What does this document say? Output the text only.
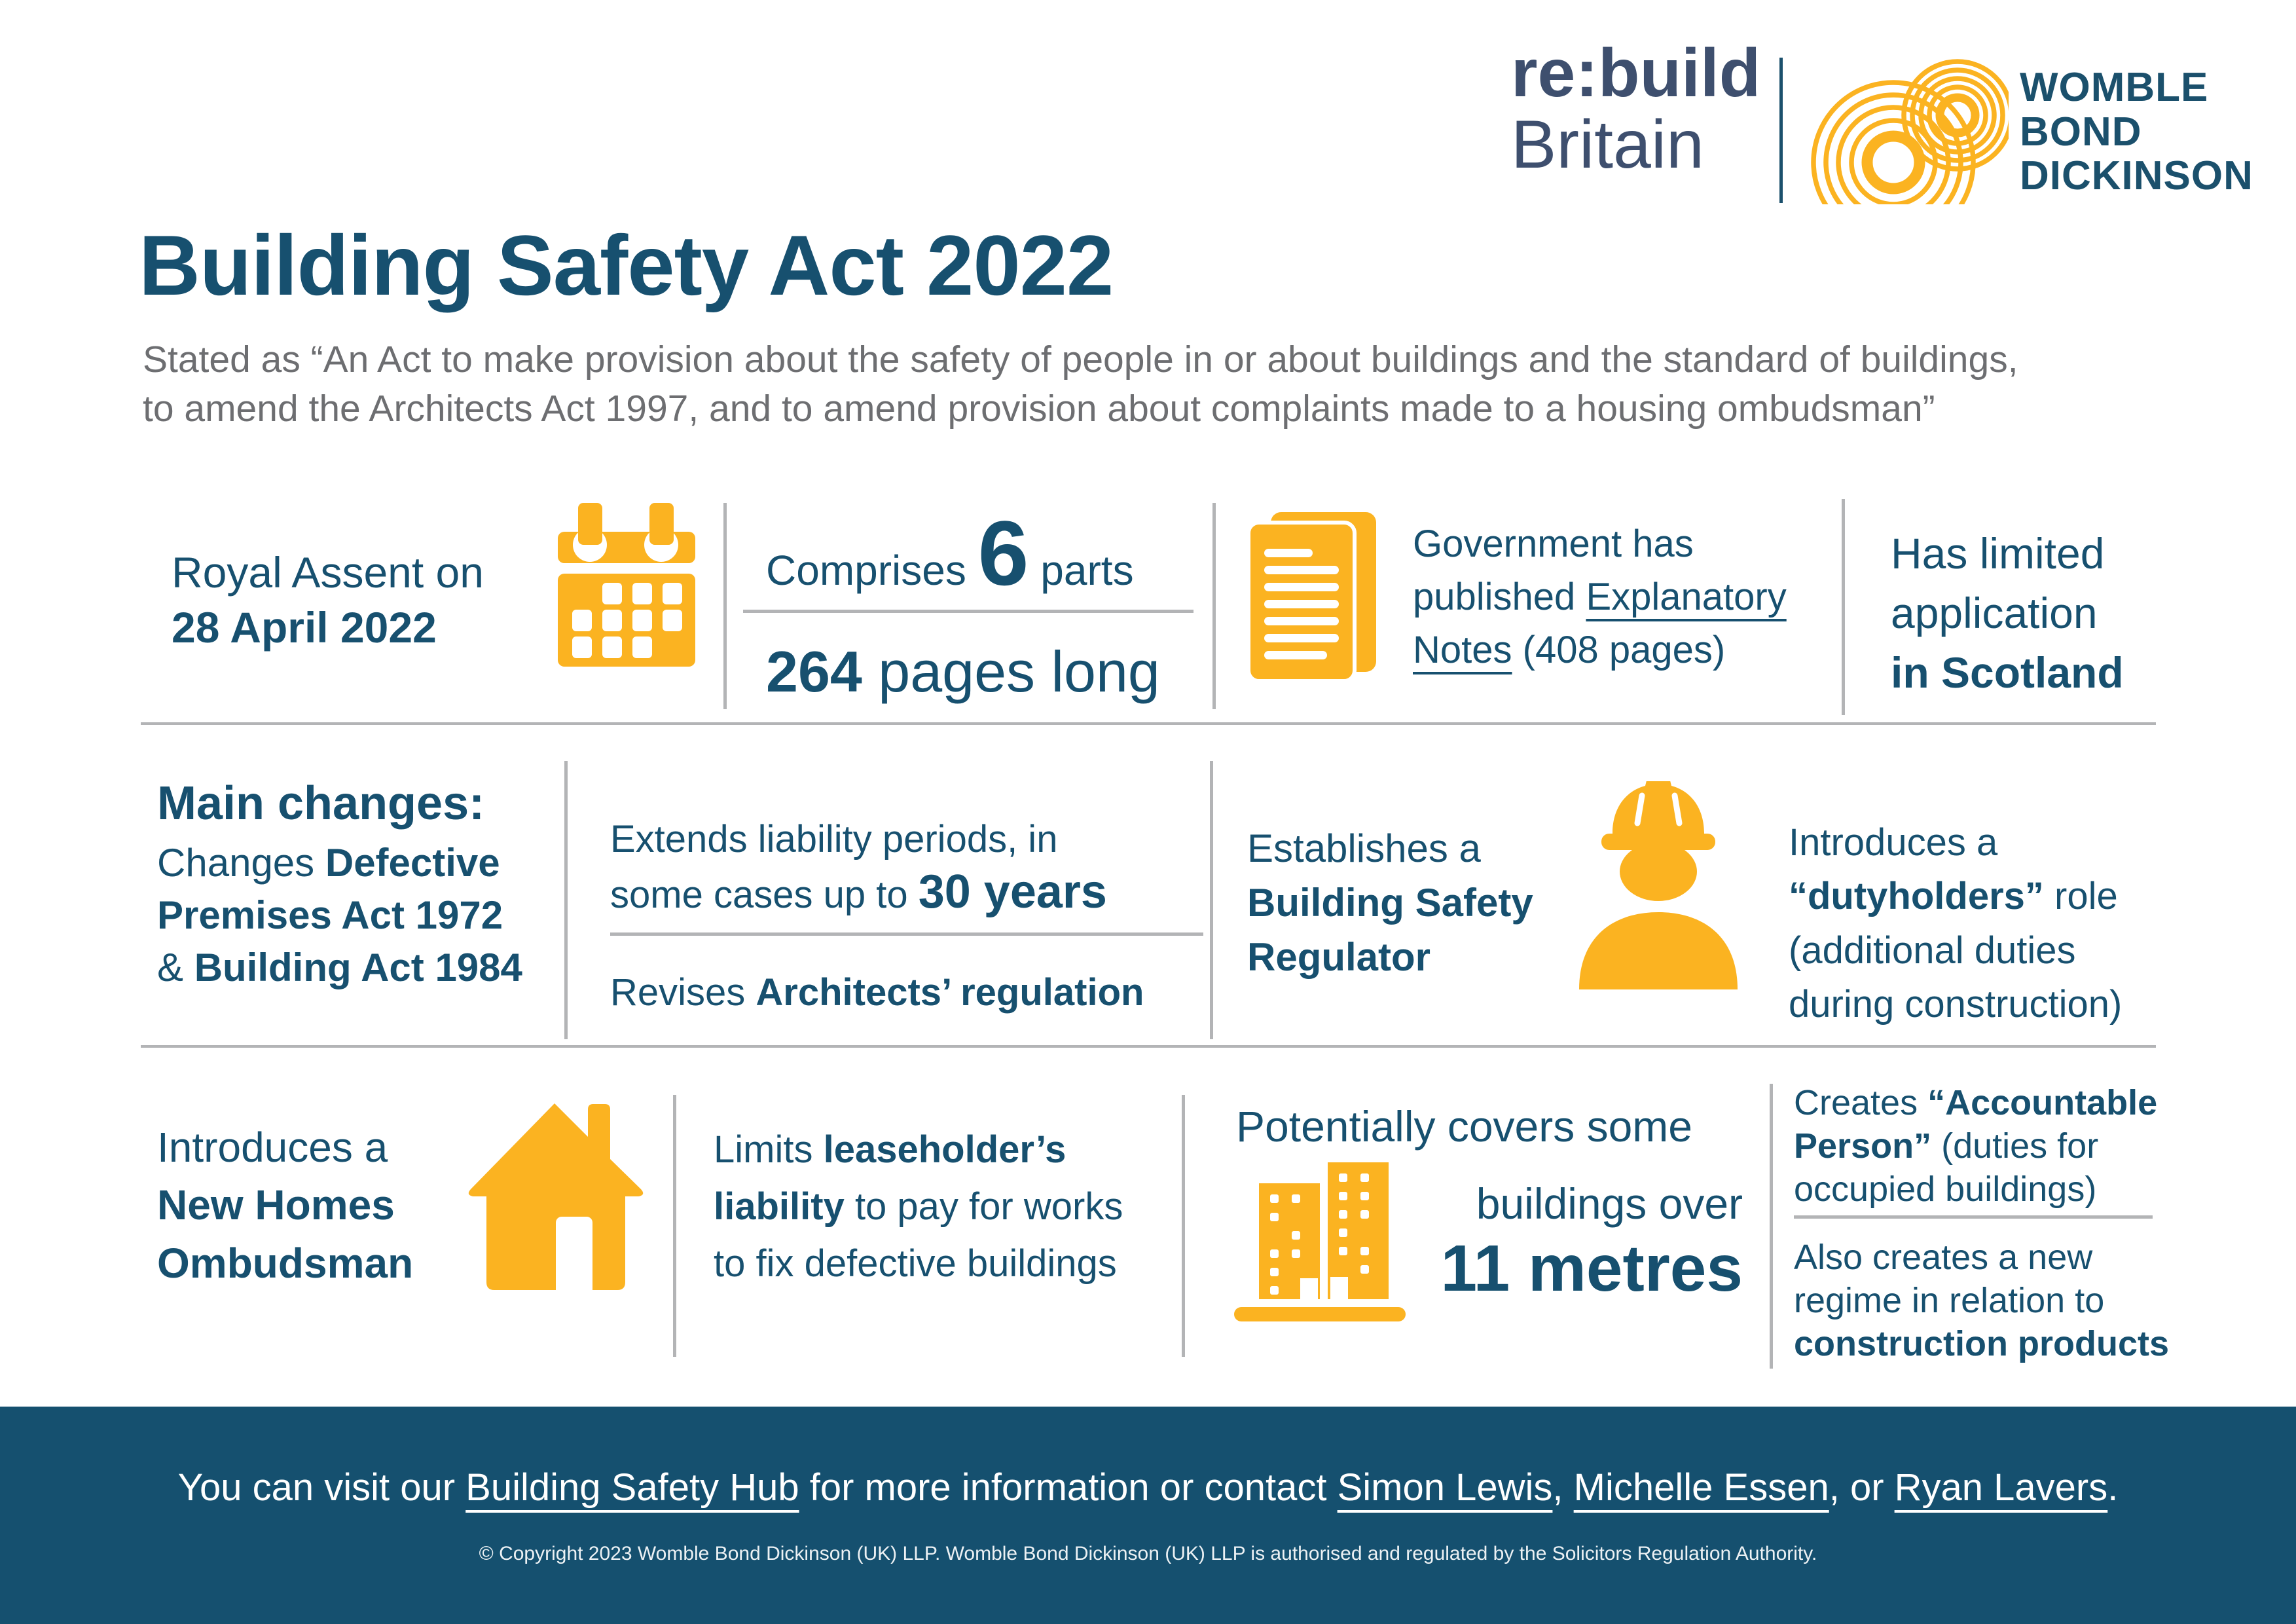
re:build
Britain
WOMBLE
BOND
DICKINSON
Building Safety Act 2022
Stated as “An Act to make provision about the safety of people in or about buildings and the standard of buildings,
to amend the Architects Act 1997, and to amend provision about complaints made to a housing ombudsman”
Royal Assent on
28 April 2022
Comprises 6 parts
264 pages long
Government has
published Explanatory
Notes (408 pages)
Has limited
application
in Scotland
Main changes:
Changes Defective
Premises Act 1972
& Building Act 1984
Extends liability periods, in
some cases up to 30 years
Revises Architects’ regulation
Establishes a
Building Safety
Regulator
Introduces a
“dutyholders” role
(additional duties
during construction)
Introduces a
New Homes
Ombudsman
Limits leaseholder’s
liability to pay for works
to fix defective buildings
Potentially covers some
buildings over
11 metres
Creates “Accountable
Person” (duties for
occupied buildings)
Also creates a new
regime in relation to
construction products
You can visit our Building Safety Hub for more information or contact Simon Lewis, Michelle Essen, or Ryan Lavers.
© Copyright 2023 Womble Bond Dickinson (UK) LLP. Womble Bond Dickinson (UK) LLP is authorised and regulated by the Solicitors Regulation Authority.
